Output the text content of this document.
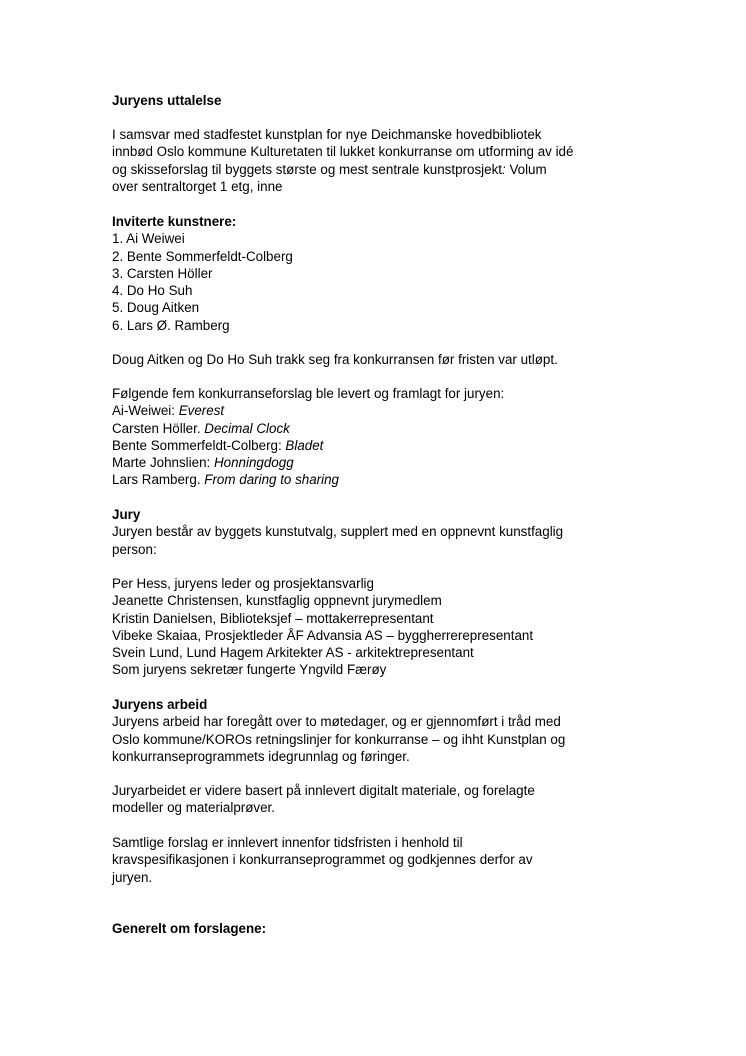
Juryens uttalelse
I samsvar med stadfestet kunstplan for nye Deichmanske hovedbibliotek
innbød Oslo kommune Kulturetaten til lukket konkurranse om utforming av idé
og skisseforslag til byggets største og mest sentrale kunstprosjekt: Volum
over sentraltorget 1 etg, inne
Inviterte kunstnere:
1. Ai Weiwei
2. Bente Sommerfeldt-Colberg
3. Carsten Höller
4. Do Ho Suh
5. Doug Aitken
6. Lars Ø. Ramberg
Doug Aitken og Do Ho Suh trakk seg fra konkurransen før fristen var utløpt.
Følgende fem konkurranseforslag ble levert og framlagt for juryen:
Ai-Weiwei: Everest
Carsten Höller. Decimal Clock
Bente Sommerfeldt-Colberg: Bladet
Marte Johnslien: Honningdogg
Lars Ramberg. From daring to sharing
Jury
Juryen består av byggets kunstutvalg, supplert med en oppnevnt kunstfaglig
person:
Per Hess, juryens leder og prosjektansvarlig
Jeanette Christensen, kunstfaglig oppnevnt jurymedlem
Kristin Danielsen, Biblioteksjef – mottakerrepresentant
Vibeke Skaiaa, Prosjektleder ÅF Advansia AS – byggherrerepresentant
Svein Lund, Lund Hagem Arkitekter AS - arkitektrepresentant
Som juryens sekretær fungerte Yngvild Færøy
Juryens arbeid
Juryens arbeid har foregått over to møtedager, og er gjennomført i tråd med
Oslo kommune/KOROs retningslinjer for konkurranse – og ihht Kunstplan og
konkurranseprogrammets idegrunnlag og føringer.
Juryarbeidet er videre basert på innlevert digitalt materiale, og forelagte
modeller og materialprøver.
Samtlige forslag er innlevert innenfor tidsfristen i henhold til
kravspesifikasjonen i konkurranseprogrammet og godkjennes derfor av
juryen.
Generelt om forslagene:
